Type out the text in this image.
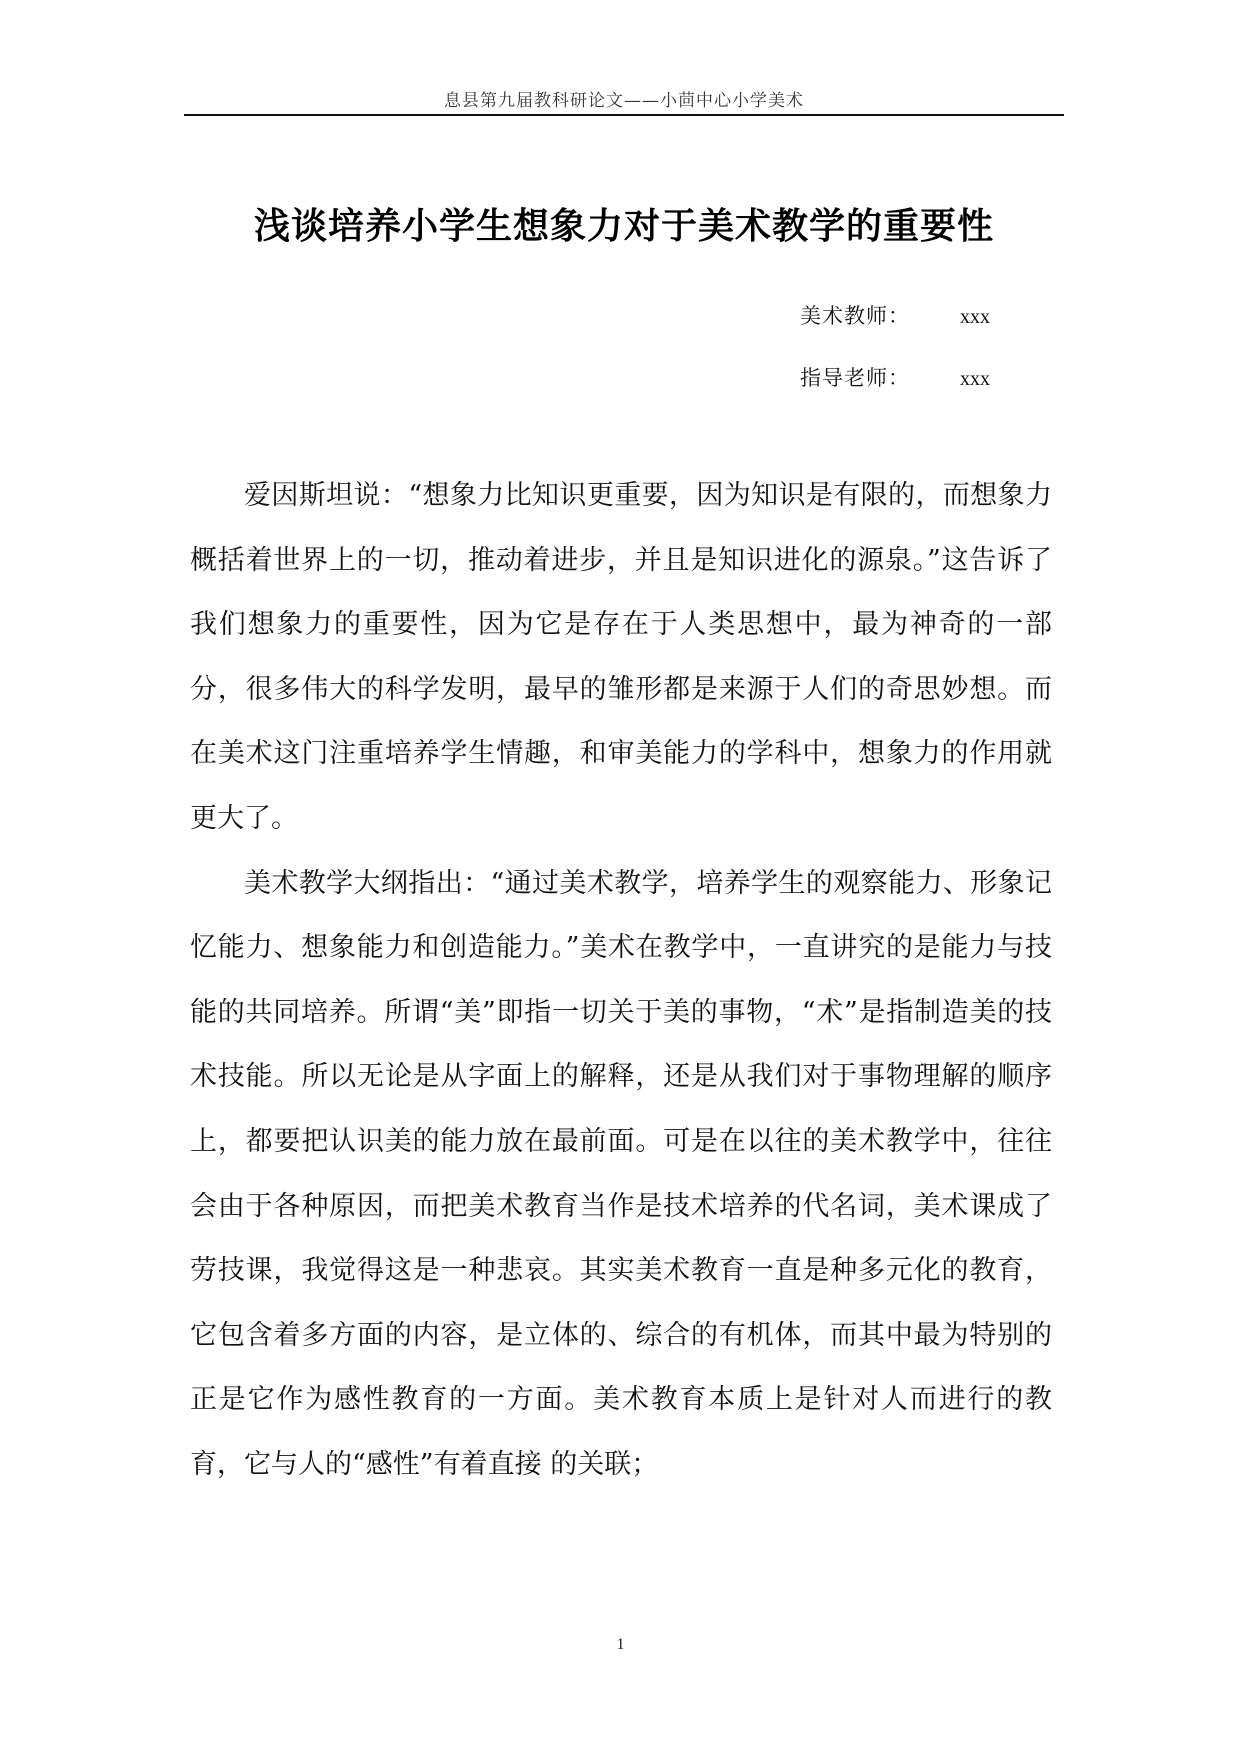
息县第九届教科研论文——小茴中心小学美术
浅谈培养小学生想象力对于美术教学的重要性
美术教师：	xxx
指导老师：	xxx

爱因斯坦说：“想象力比知识更重要，因为知识是有限的，而想象力概括着世界上的一切，推动着进步，并且是知识进化的源泉。”这告诉了我们想象力的重要性，因为它是存在于人类思想中，最为神奇的一部分，很多伟大的科学发明，最早的雏形都是来源于人们的奇思妙想。而在美术这门注重培养学生情趣，和审美能力的学科中，想象力的作用就更大了。

美术教学大纲指出：“通过美术教学，培养学生的观察能力、形象记忆能力、想象能力和创造能力。”美术在教学中，一直讲究的是能力与技能的共同培养。所谓“美”即指一切关于美的事物，“术”是指制造美的技术技能。所以无论是从字面上的解释，还是从我们对于事物理解的顺序上，都要把认识美的能力放在最前面。可是在以往的美术教学中，往往会由于各种原因，而把美术教育当作是技术培养的代名词，美术课成了劳技课，我觉得这是一种悲哀。其实美术教育一直是种多元化的教育，它包含着多方面的内容，是立体的、综合的有机体，而其中最为特别的正是它作为感性教育的一方面。美术教育本质上是针对人而进行的教育，它与人的“感性”有着直接 的关联；

1
